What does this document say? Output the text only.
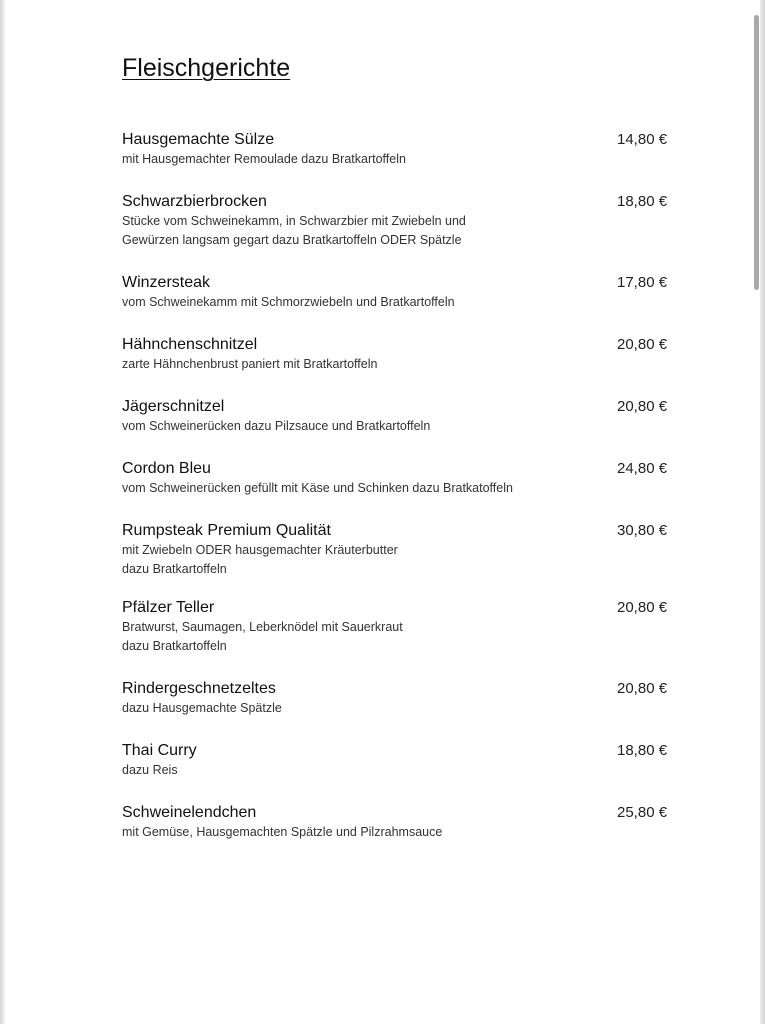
Fleischgerichte
Hausgemachte Sülze
mit Hausgemachter Remoulade dazu Bratkartoffeln
14,80 €
Schwarzbierbrocken
Stücke vom Schweinekamm, in Schwarzbier mit Zwiebeln und
Gewürzen langsam gegart dazu Bratkartoffeln ODER Spätzle
18,80 €
Winzersteak
vom Schweinekamm mit Schmorzwiebeln und Bratkartoffeln
17,80 €
Hähnchenschnitzel
zarte Hähnchenbrust paniert mit Bratkartoffeln
20,80 €
Jägerschnitzel
vom Schweinerücken dazu Pilzsauce und Bratkartoffeln
20,80 €
Cordon Bleu
vom Schweinerücken gefüllt mit Käse und Schinken dazu Bratkatoffeln
24,80 €
Rumpsteak Premium Qualität
mit Zwiebeln ODER hausgemachter Kräuterbutter
dazu Bratkartoffeln
30,80 €
Pfälzer Teller
Bratwurst, Saumagen, Leberknödel mit Sauerkraut
dazu Bratkartoffeln
20,80 €
Rindergeschnetzeltes
dazu Hausgemachte Spätzle
20,80 €
Thai Curry
dazu Reis
18,80 €
Schweinelendchen
mit Gemüse, Hausgemachten Spätzle und Pilzrahmsauce
25,80 €
